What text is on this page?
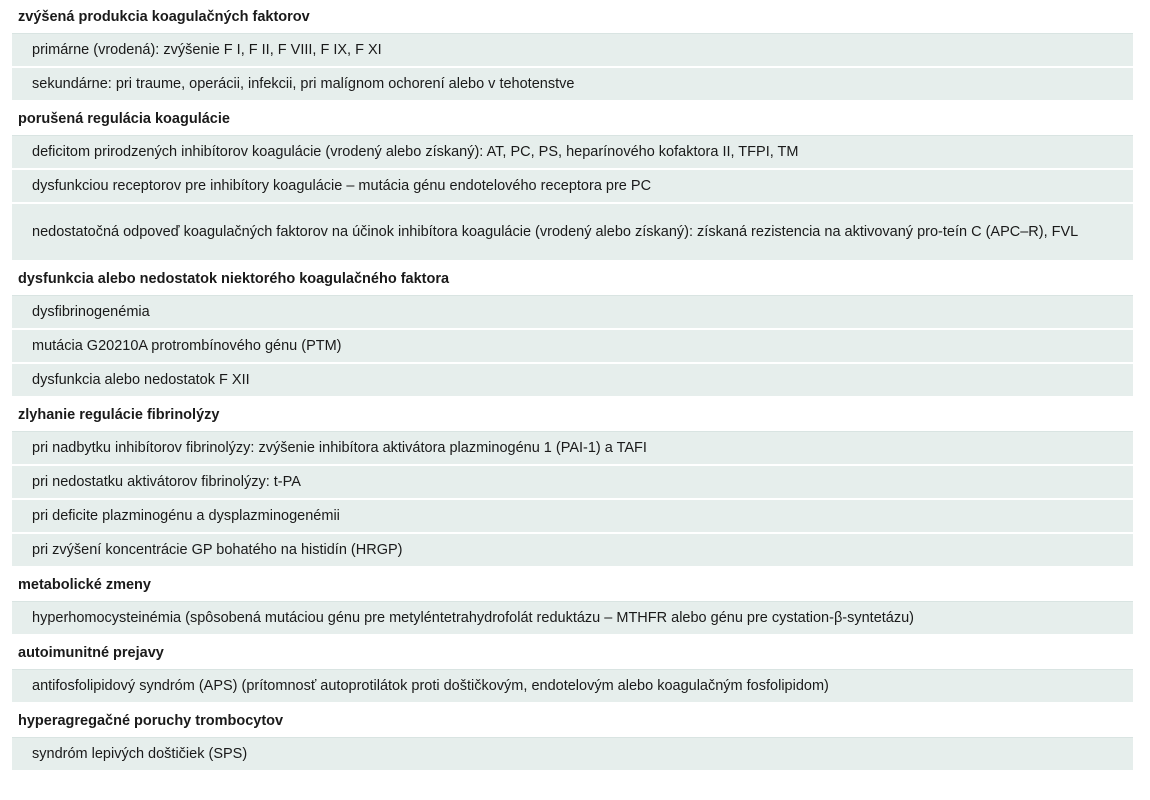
zvýšená produkcia koagulačných faktorov
primárne (vrodená): zvýšenie F I, F II, F VIII, F IX, F XI
sekundárne: pri traume, operácii, infekcii, pri malígnom ochorení alebo v tehotenstve
porušená regulácia koagulácie
deficitom prirodzených inhibítorov koagulácie (vrodený alebo získaný): AT, PC, PS, heparínového kofaktora II, TFPI, TM
dysfunkciou receptorov pre inhibítory koagulácie – mutácia génu endotelového receptora pre PC
nedostatočná odpoveď koagulačných faktorov na účinok inhibítora koagulácie (vrodený alebo získaný): získaná rezistencia na aktivovaný pro-teín C (APC–R), FVL
dysfunkcia alebo nedostatok niektorého koagulačného faktora
dysfibrinogenémia
mutácia G20210A protrombínového génu (PTM)
dysfunkcia alebo nedostatok F XII
zlyhanie regulácie fibrinolýzy
pri nadbytku inhibítorov fibrinolýzy: zvýšenie inhibítora aktivátora plazminogénu 1 (PAI-1) a TAFI
pri nedostatku aktivátorov fibrinolýzy: t-PA
pri deficite plazminogénu a dysplazminogenémii
pri zvýšení koncentrácie GP bohatého na histidín (HRGP)
metabolické zmeny
hyperhomocysteinémia (spôsobená mutáciou génu pre metyléntetrahydrofolát reduktázu – MTHFR alebo génu pre cystation-β-syntetázu)
autoimunitné prejavy
antifosfolipidový syndróm (APS) (prítomnosť autoprotilátok proti doštičkovým, endotelovým alebo koagulačným fosfolipidom)
hyperagregačné poruchy trombocytov
syndróm lepivých doštičiek (SPS)
